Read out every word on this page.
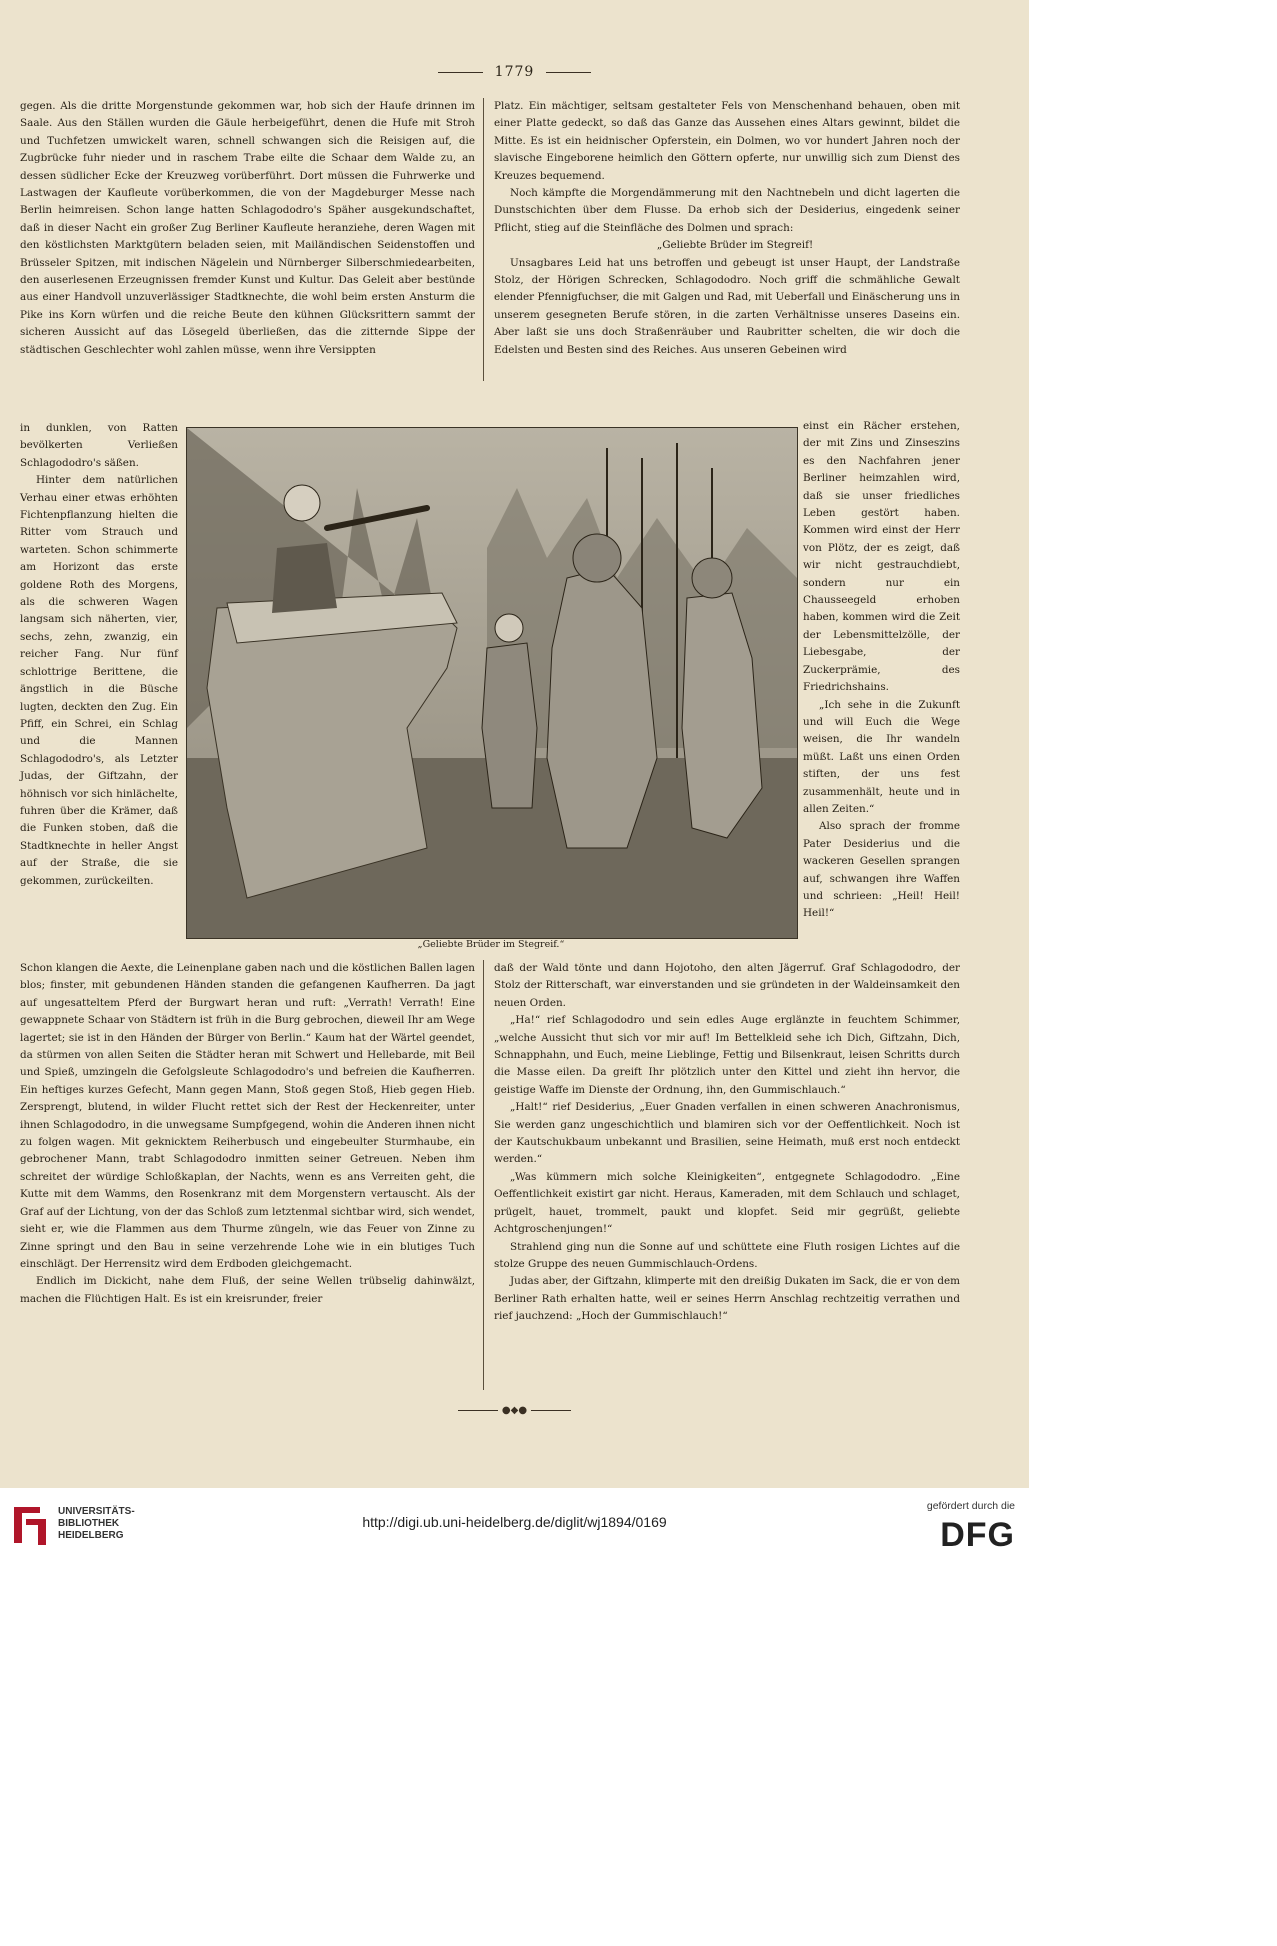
1779

gegen. Als die dritte Morgenstunde gekommen war, hob sich der Haufe drinnen im Saale. Aus den Ställen wurden die Gäule herbeigeführt, denen die Hufe mit Stroh und Tuchfetzen umwickelt waren, schnell schwangen sich die Reisigen auf, die Zugbrücke fuhr nieder und in raschem Trabe eilte die Schaar dem Walde zu, an dessen südlicher Ecke der Kreuzweg vorüberführt. Dort müssen die Fuhrwerke und Lastwagen der Kaufleute vorüberkommen, die von der Magdeburger Messe nach Berlin heimreisen. Schon lange hatten Schlagododro's Späher ausgekundschaftet, daß in dieser Nacht ein großer Zug Berliner Kaufleute heranziehe, deren Wagen mit den köstlichsten Marktgütern beladen seien, mit Mailändischen Seidenstoffen und Brüsseler Spitzen, mit indischen Nägelein und Nürnberger Silberschmiedearbeiten, den auserlesenen Erzeugnissen fremder Kunst und Kultur. Das Geleit aber bestünde aus einer Handvoll unzuverlässiger Stadtknechte, die wohl beim ersten Ansturm die Pike ins Korn würfen und die reiche Beute den kühnen Glücksrittern sammt der sicheren Aussicht auf das Lösegeld überließen, das die zitternde Sippe der städtischen Geschlechter wohl zahlen müsse, wenn ihre Versippten

in dunklen, von Ratten bevölkerten Verließen Schlagododro's säßen.

Hinter dem natürlichen Verhau einer etwas erhöhten Fichtenpflanzung hielten die Ritter vom Strauch und warteten. Schon schimmerte am Horizont das erste goldene Roth des Morgens, als die schweren Wagen langsam sich näherten, vier, sechs, zehn, zwanzig, ein reicher Fang. Nur fünf schlottrige Berittene, die ängstlich in die Büsche lugten, deckten den Zug. Ein Pfiff, ein Schrei, ein Schlag und die Mannen Schlagododro's, als Letzter Judas, der Giftzahn, der höhnisch vor sich hinlächelte, fuhren über die Krämer, daß die Funken stoben, daß die Stadtknechte in heller Angst auf der Straße, die sie gekommen, zurückeilten.

Schon klangen die Aexte, die Leinenplane gaben nach und die köstlichen Ballen lagen blos; finster, mit gebundenen Händen standen die gefangenen Kaufherren. Da jagt auf ungesatteltem Pferd der Burgwart heran und ruft: „Verrath! Verrath! Eine gewappnete Schaar von Städtern ist früh in die Burg gebrochen, dieweil Ihr am Wege lagertet; sie ist in den Händen der Bürger von Berlin.“ Kaum hat der Wärtel geendet, da stürmen von allen Seiten die Städter heran mit Schwert und Hellebarde, mit Beil und Spieß, umzingeln die Gefolgsleute Schlagododro's und befreien die Kaufherren. Ein heftiges kurzes Gefecht, Mann gegen Mann, Stoß gegen Stoß, Hieb gegen Hieb. Zersprengt, blutend, in wilder Flucht rettet sich der Rest der Heckenreiter, unter ihnen Schlagododro, in die unwegsame Sumpfgegend, wohin die Anderen ihnen nicht zu folgen wagen. Mit geknicktem Reiherbusch und eingebeulter Sturmhaube, ein gebrochener Mann, trabt Schlagododro inmitten seiner Getreuen. Neben ihm schreitet der würdige Schloßkaplan, der Nachts, wenn es ans Verreiten geht, die Kutte mit dem Wamms, den Rosenkranz mit dem Morgenstern vertauscht. Als der Graf auf der Lichtung, von der das Schloß zum letztenmal sichtbar wird, sich wendet, sieht er, wie die Flammen aus dem Thurme züngeln, wie das Feuer von Zinne zu Zinne springt und den Bau in seine verzehrende Lohe wie in ein blutiges Tuch einschlägt. Der Herrensitz wird dem Erdboden gleichgemacht.

Endlich im Dickicht, nahe dem Fluß, der seine Wellen trübselig dahinwälzt, machen die Flüchtigen Halt. Es ist ein kreisrunder, freier

Platz. Ein mächtiger, seltsam gestalteter Fels von Menschenhand behauen, oben mit einer Platte gedeckt, so daß das Ganze das Aussehen eines Altars gewinnt, bildet die Mitte. Es ist ein heidnischer Opferstein, ein Dolmen, wo vor hundert Jahren noch der slavische Eingeborene heimlich den Göttern opferte, nur unwillig sich zum Dienst des Kreuzes bequemend.

Noch kämpfte die Morgendämmerung mit den Nachtnebeln und dicht lagerten die Dunstschichten über dem Flusse. Da erhob sich der Desiderius, eingedenk seiner Pflicht, stieg auf die Steinfläche des Dolmen und sprach:

„Geliebte Brüder im Stegreif!

Unsagbares Leid hat uns betroffen und gebeugt ist unser Haupt, der Landstraße Stolz, der Hörigen Schrecken, Schlagododro. Noch griff die schmähliche Gewalt elender Pfennigfuchser, die mit Galgen und Rad, mit Ueberfall und Einäscherung uns in unserem gesegneten Berufe stören, in die zarten Verhältnisse unseres Daseins ein. Aber laßt sie uns doch Straßenräuber und Raubritter schelten, die wir doch die Edelsten und Besten sind des Reiches. Aus unseren Gebeinen wird

einst ein Rächer erstehen, der mit Zins und Zinseszins es den Nachfahren jener Berliner heimzahlen wird, daß sie unser friedliches Leben gestört haben. Kommen wird einst der Herr von Plötz, der es zeigt, daß wir nicht gestrauchdiebt, sondern nur ein Chausseegeld erhoben haben, kommen wird die Zeit der Lebensmittelzölle, der Liebesgabe, der Zuckerprämie, des Friedrichshains.

„Ich sehe in die Zukunft und will Euch die Wege weisen, die Ihr wandeln müßt. Laßt uns einen Orden stiften, der uns fest zusammenhält, heute und in allen Zeiten.“

Also sprach der fromme Pater Desiderius und die wackeren Gesellen sprangen auf, schwangen ihre Waffen und schrieen: „Heil! Heil! Heil!“

daß der Wald tönte und dann Hojotoho, den alten Jägerruf. Graf Schlagododro, der Stolz der Ritterschaft, war einverstanden und sie gründeten in der Waldeinsamkeit den neuen Orden.

„Ha!“ rief Schlagododro und sein edles Auge erglänzte in feuchtem Schimmer, „welche Aussicht thut sich vor mir auf! Im Bettelkleid sehe ich Dich, Giftzahn, Dich, Schnapphahn, und Euch, meine Lieblinge, Fettig und Bilsenkraut, leisen Schritts durch die Masse eilen. Da greift Ihr plötzlich unter den Kittel und zieht ihn hervor, die geistige Waffe im Dienste der Ordnung, ihn, den Gummischlauch.“

„Halt!“ rief Desiderius, „Euer Gnaden verfallen in einen schweren Anachronismus, Sie werden ganz ungeschichtlich und blamiren sich vor der Oeffentlichkeit. Noch ist der Kautschukbaum unbekannt und Brasilien, seine Heimath, muß erst noch entdeckt werden.“

„Was kümmern mich solche Kleinigkeiten“, entgegnete Schlagododro. „Eine Oeffentlichkeit existirt gar nicht. Heraus, Kameraden, mit dem Schlauch und schlaget, prügelt, hauet, trommelt, paukt und klopfet. Seid mir gegrüßt, geliebte Achtgroschenjungen!“

Strahlend ging nun die Sonne auf und schüttete eine Fluth rosigen Lichtes auf die stolze Gruppe des neuen Gummischlauch-Ordens.

Judas aber, der Giftzahn, klimperte mit den dreißig Dukaten im Sack, die er von dem Berliner Rath erhalten hatte, weil er seines Herrn Anschlag rechtzeitig verrathen und rief jauchzend: „Hoch der Gummischlauch!“

„Geliebte Brüder im Stegreif.“
●◆●
UNIVERSITÄTS-
BIBLIOTHEK
HEIDELBERG
http://digi.ub.uni-heidelberg.de/diglit/wj1894/0169
gefördert durch die
DFG
